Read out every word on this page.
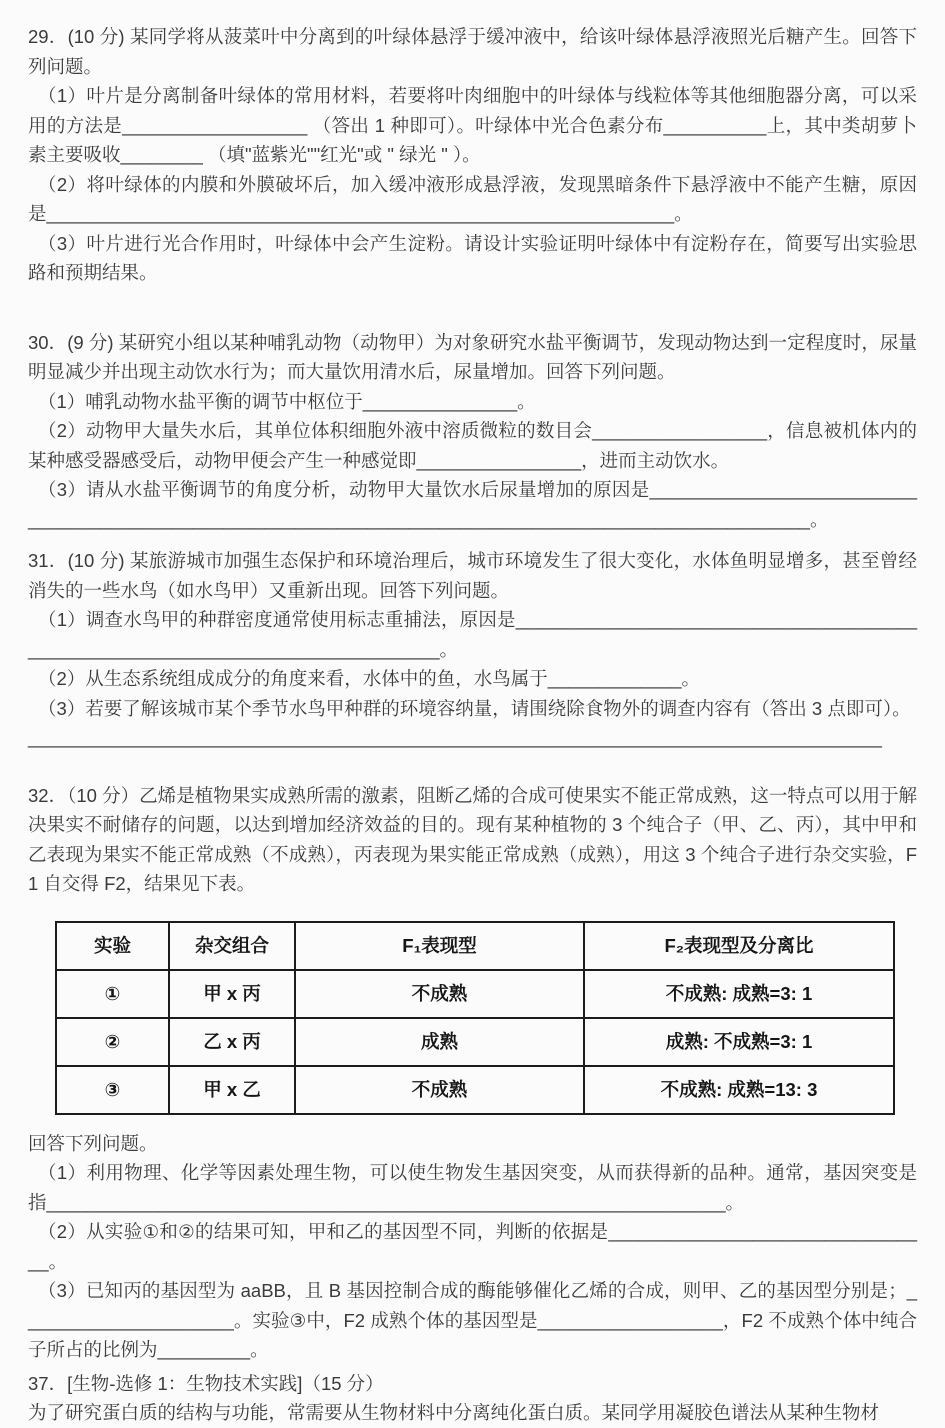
29．(10 分) 某同学将从菠菜叶中分离到的叶绿体悬浮于缓冲液中，给该叶绿体悬浮液照光后糖产生。回答下列问题。

（1）叶片是分离制备叶绿体的常用材料，若要将叶肉细胞中的叶绿体与线粒体等其他细胞器分离，可以采用的方法是__________________ （答出 1 种即可）。叶绿体中光合色素分布__________上，其中类胡萝卜素主要吸收________ （填"蓝紫光""红光"或 " 绿光 " ）。

（2）将叶绿体的内膜和外膜破坏后，加入缓冲液形成悬浮液，发现黑暗条件下悬浮液中不能产生糖，原因是_____________________________________________________________。

（3）叶片进行光合作用时，叶绿体中会产生淀粉。请设计实验证明叶绿体中有淀粉存在，简要写出实验思路和预期结果。

30．(9 分) 某研究小组以某种哺乳动物（动物甲）为对象研究水盐平衡调节，发现动物达到一定程度时，尿量明显减少并出现主动饮水行为；而大量饮用清水后，尿量增加。回答下列问题。

（1）哺乳动物水盐平衡的调节中枢位于_______________。

（2）动物甲大量失水后，其单位体积细胞外液中溶质微粒的数目会_________________，信息被机体内的某种感受器感受后，动物甲便会产生一种感觉即________________，进而主动饮水。

（3）请从水盐平衡调节的角度分析，动物甲大量饮水后尿量增加的原因是______________________________________________________________________________________________________。

31．(10 分) 某旅游城市加强生态保护和环境治理后，城市环境发生了很大变化，水体鱼明显增多，甚至曾经消失的一些水鸟（如水鸟甲）又重新出现。回答下列问题。

（1）调查水鸟甲的种群密度通常使用标志重捕法，原因是_______________________________________________________________________________。

（2）从生态系统组成成分的角度来看，水体中的鱼，水鸟属于_____________。

（3）若要了解该城市某个季节水鸟甲种群的环境容纳量，请围绕除食物外的调查内容有（答出 3 点即可）。

___________________________________________________________________________________

32．（10 分）乙烯是植物果实成熟所需的激素，阻断乙烯的合成可使果实不能正常成熟，这一特点可以用于解决果实不耐储存的问题，以达到增加经济效益的目的。现有某种植物的 3 个纯合子（甲、乙、丙），其中甲和乙表现为果实不能正常成熟（不成熟），丙表现为果实能正常成熟（成熟），用这 3 个纯合子进行杂交实验，F1 自交得 F2，结果见下表。

实验	杂交组合	F₁表现型	F₂表现型及分离比
①	甲 x 丙	不成熟	不成熟: 成熟=3: 1
②	乙 x 丙	成熟	成熟: 不成熟=3: 1
③	甲 x 乙	不成熟	不成熟: 成熟=13: 3

回答下列问题。

（1）利用物理、化学等因素处理生物，可以使生物发生基因突变，从而获得新的品种。通常，基因突变是指__________________________________________________________________。

（2）从实验①和②的结果可知，甲和乙的基因型不同，判断的依据是________________________________。

（3）已知丙的基因型为 aaBB，且 B 基因控制合成的酶能够催化乙烯的合成，则甲、乙的基因型分别是；_____________________。实验③中，F2 成熟个体的基因型是__________________，F2 不成熟个体中纯合子所占的比例为_________。

37．[生物-选修 1：生物技术实践]（15 分）

为了研究蛋白质的结构与功能，常需要从生物材料中分离纯化蛋白质。某同学用凝胶色谱法从某种生物材
